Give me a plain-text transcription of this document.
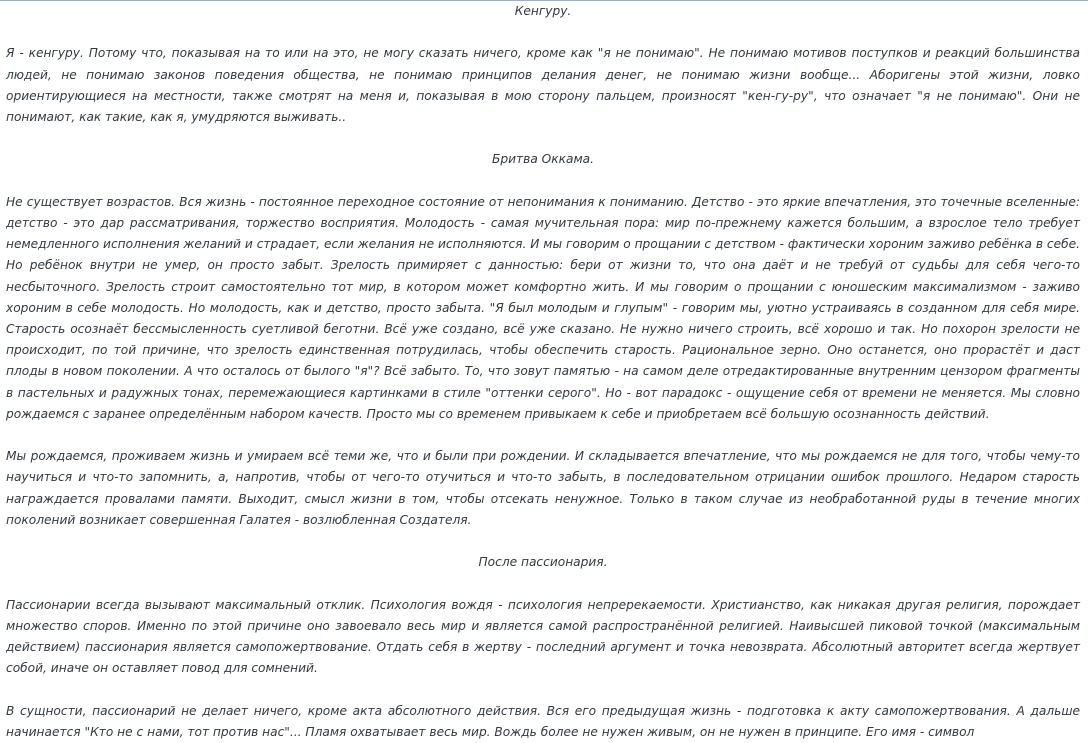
Кенгуру.

Я - кенгуру. Потому что, показывая на то или на это, не могу сказать ничего, кроме как "я не понимаю". Не понимаю мотивов поступков и реакций большинства людей, не понимаю законов поведения общества, не понимаю принципов делания денег, не понимаю жизни вообще... Аборигены этой жизни, ловко ориентирующиеся на местности, также смотрят на меня и, показывая в мою сторону пальцем, произносят "кен-гу-ру", что означает "я не понимаю". Они не понимают, как такие, как я, умудряются выживать..

Бритва Оккама.

Не существует возрастов. Вся жизнь - постоянное переходное состояние от непонимания к пониманию. Детство - это яркие впечатления, это точечные вселенные: детство - это дар рассматривания, торжество восприятия. Молодость - самая мучительная пора: мир по-прежнему кажется большим, а взрослое тело требует немедленного исполнения желаний и страдает, если желания не исполняются. И мы говорим о прощании с детством - фактически хороним заживо ребёнка в себе. Но ребёнок внутри не умер, он просто забыт. Зрелость примиряет с данностью: бери от жизни то, что она даёт и не требуй от судьбы для себя чего-то несбыточного. Зрелость строит самостоятельно тот мир, в котором может комфортно жить. И мы говорим о прощании с юношеским максимализмом - заживо хороним в себе молодость. Но молодость, как и детство, просто забыта. "Я был молодым и глупым" - говорим мы, уютно устраиваясь в созданном для себя мире. Старость осознаёт бессмысленность суетливой беготни. Всё уже создано, всё уже сказано. Не нужно ничего строить, всё хорошо и так. Но похорон зрелости не происходит, по той причине, что зрелость единственная потрудилась, чтобы обеспечить старость. Рациональное зерно. Оно останется, оно прорастёт и даст плоды в новом поколении. А что осталось от былого "я"? Всё забыто. То, что зовут памятью - на самом деле отредактированные внутренним цензором фрагменты в пастельных и радужных тонах, перемежающиеся картинками в стиле "оттенки серого". Но - вот парадокс - ощущение себя от времени не меняется. Мы словно рождаемся с заранее определённым набором качеств. Просто мы со временем привыкаем к себе и приобретаем всё большую осознанность действий.

Мы рождаемся, проживаем жизнь и умираем всё теми же, что и были при рождении. И складывается впечатление, что мы рождаемся не для того, чтобы чему-то научиться и что-то запомнить, а, напротив, чтобы от чего-то отучиться и что-то забыть, в последовательном отрицании ошибок прошлого. Недаром старость награждается провалами памяти. Выходит, смысл жизни в том, чтобы отсекать ненужное. Только в таком случае из необработанной руды в течение многих поколений возникает совершенная Галатея - возлюбленная Создателя.

После пассионария.

Пассионарии всегда вызывают максимальный отклик. Психология вождя - психология непререкаемости. Христианство, как никакая другая религия, порождает множество споров. Именно по этой причине оно завоевало весь мир и является самой распространённой религией. Наивысшей пиковой точкой (максимальным действием) пассионария является самопожертвование. Отдать себя в жертву - последний аргумент и точка невозврата. Абсолютный авторитет всегда жертвует собой, иначе он оставляет повод для сомнений.

В сущности, пассионарий не делает ничего, кроме акта абсолютного действия. Вся его предыдущая жизнь - подготовка к акту самопожертвования. А дальше начинается "Кто не с нами, тот против нас"... Пламя охватывает весь мир. Вождь более не нужен живым, он не нужен в принципе. Его имя - символ
